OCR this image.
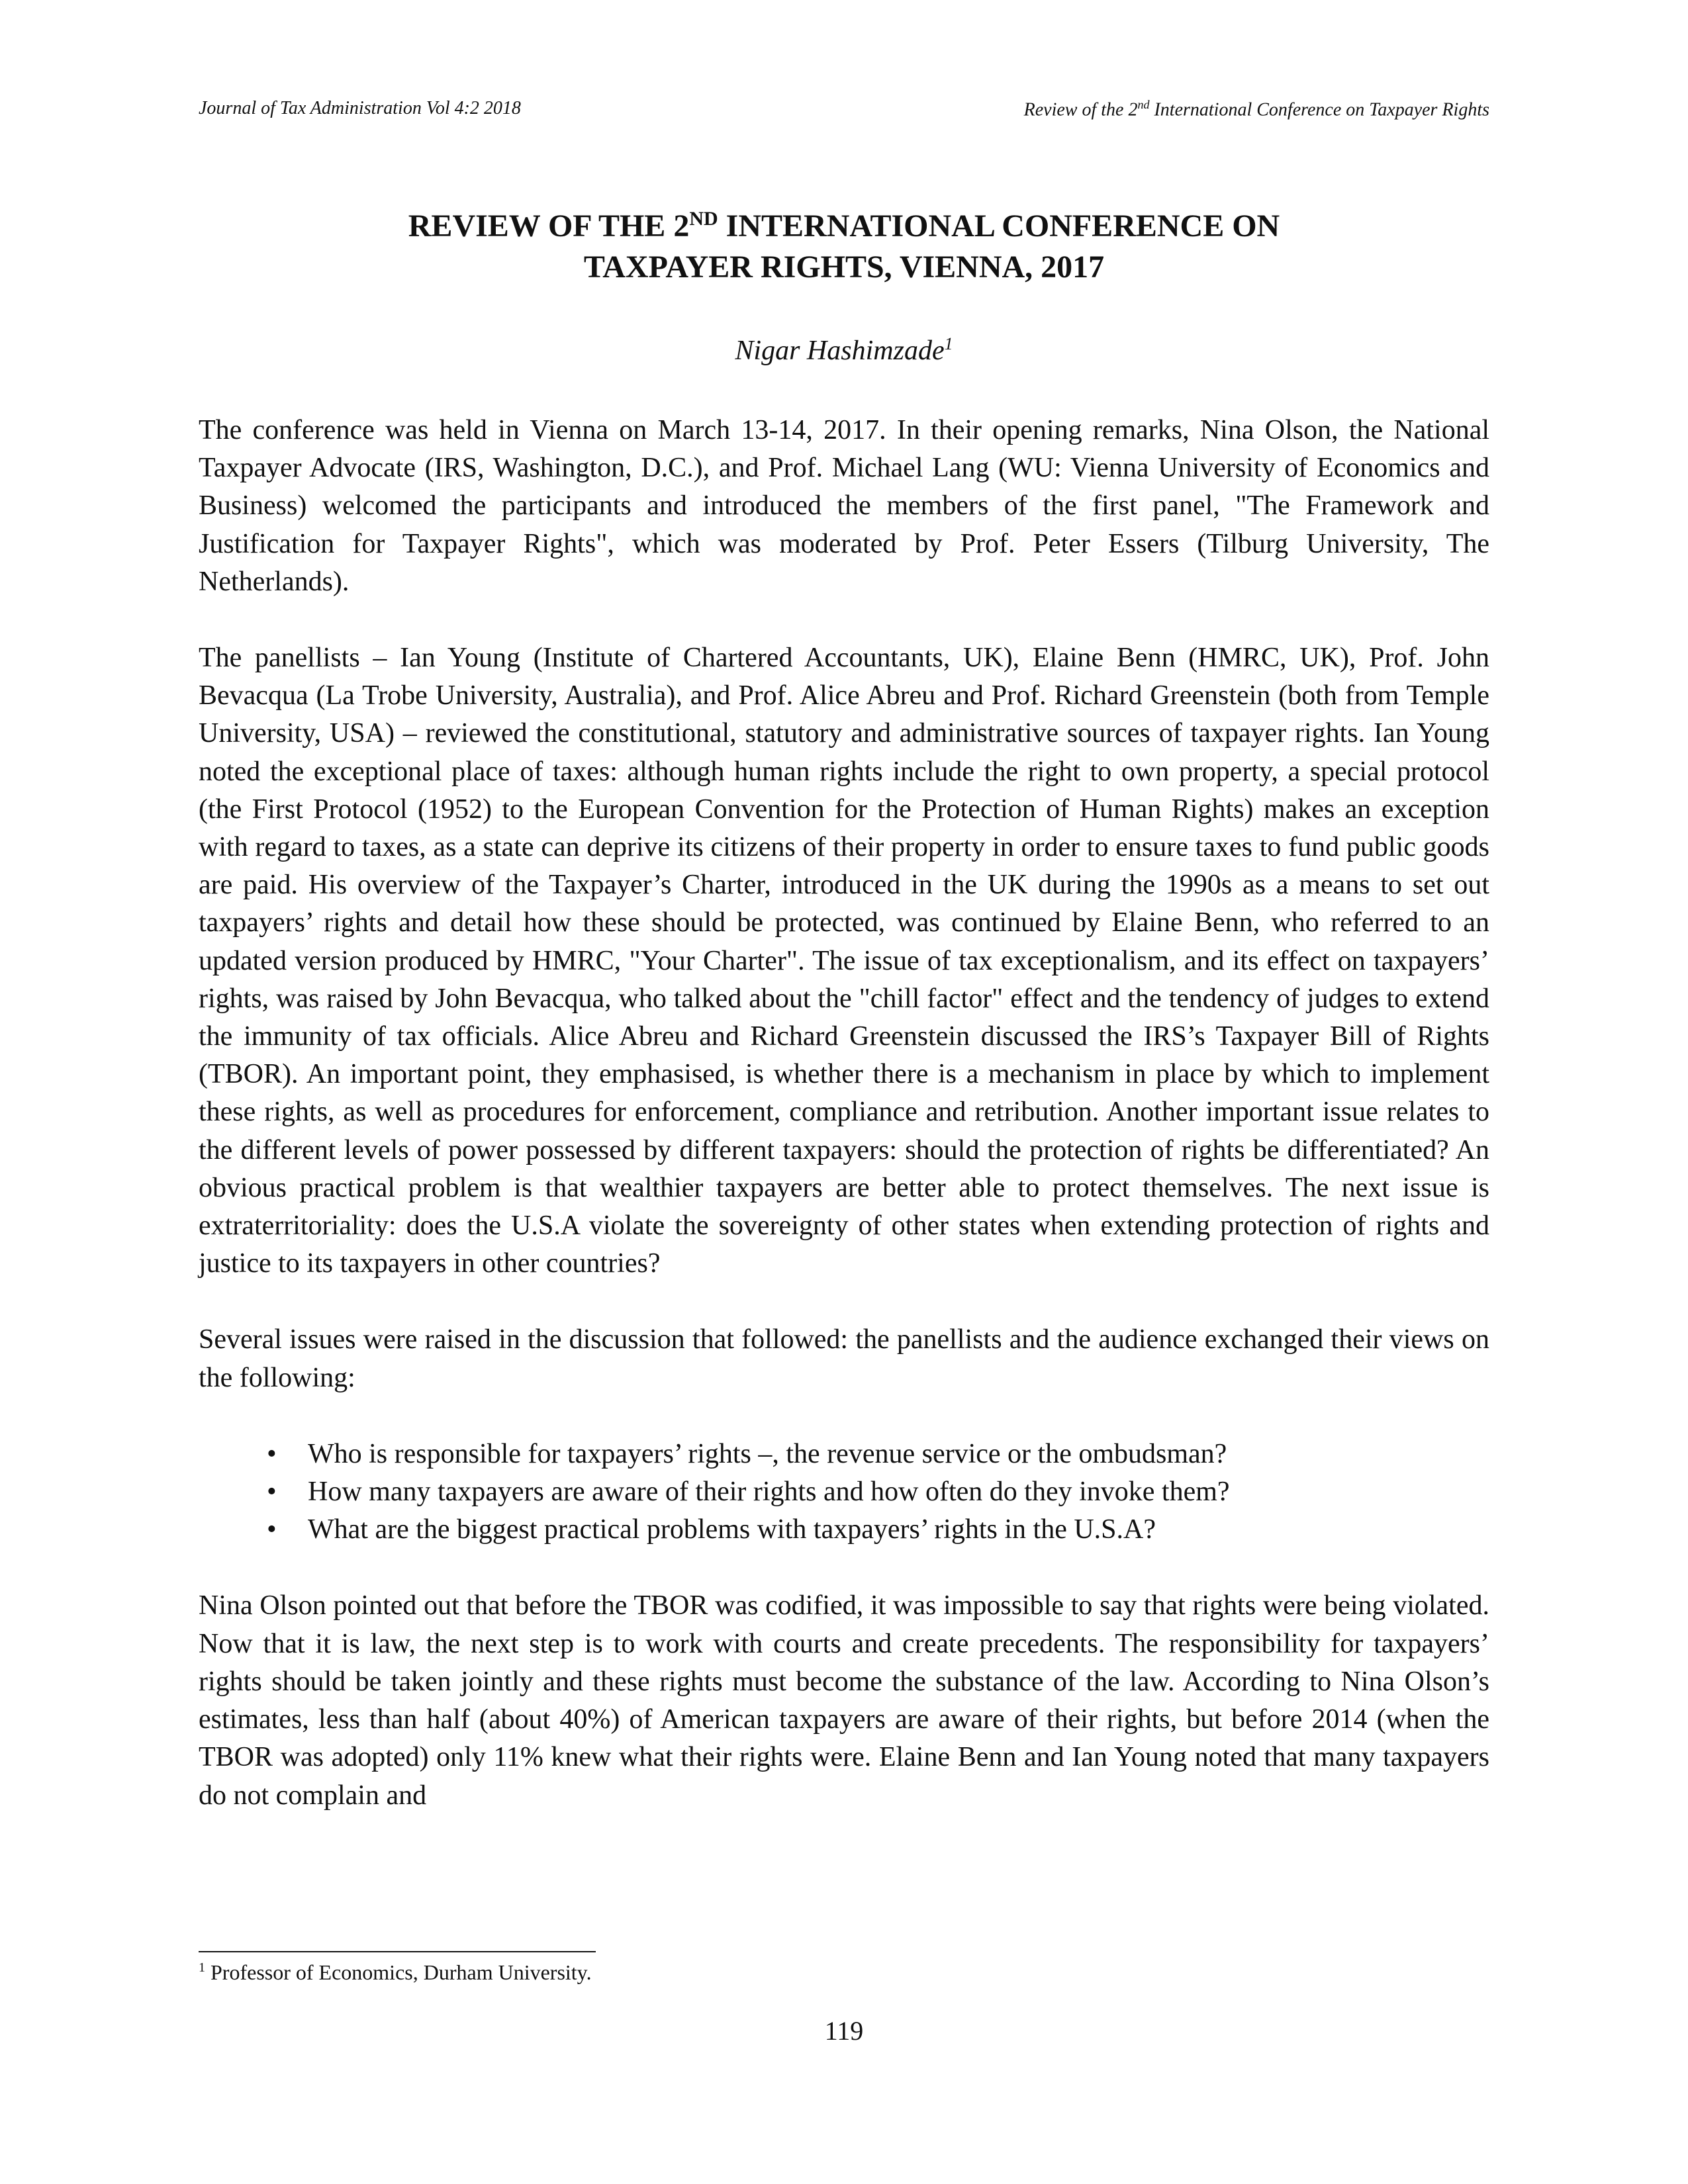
Journal of Tax Administration Vol 4:2 2018	Review of the 2nd International Conference on Taxpayer Rights
REVIEW OF THE 2ND INTERNATIONAL CONFERENCE ON
TAXPAYER RIGHTS, VIENNA, 2017
Nigar Hashimzade$^1$

The conference was held in Vienna on March 13-14, 2017. In their opening remarks, Nina Olson, the National Taxpayer Advocate (IRS, Washington, D.C.), and Prof. Michael Lang (WU: Vienna University of Economics and Business) welcomed the participants and introduced the members of the first panel, "The Framework and Justification for Taxpayer Rights", which was moderated by Prof. Peter Essers (Tilburg University, The Netherlands).

The panellists – Ian Young (Institute of Chartered Accountants, UK), Elaine Benn (HMRC, UK), Prof. John Bevacqua (La Trobe University, Australia), and Prof. Alice Abreu and Prof. Richard Greenstein (both from Temple University, USA) – reviewed the constitutional, statutory and administrative sources of taxpayer rights. Ian Young noted the exceptional place of taxes: although human rights include the right to own property, a special protocol (the First Protocol (1952) to the European Convention for the Protection of Human Rights) makes an exception with regard to taxes, as a state can deprive its citizens of their property in order to ensure taxes to fund public goods are paid. His overview of the Taxpayer’s Charter, introduced in the UK during the 1990s as a means to set out taxpayers’ rights and detail how these should be protected, was continued by Elaine Benn, who referred to an updated version produced by HMRC, "Your Charter". The issue of tax exceptionalism, and its effect on taxpayers’ rights, was raised by John Bevacqua, who talked about the "chill factor" effect and the tendency of judges to extend the immunity of tax officials. Alice Abreu and Richard Greenstein discussed the IRS’s Taxpayer Bill of Rights (TBOR). An important point, they emphasised, is whether there is a mechanism in place by which to implement these rights, as well as procedures for enforcement, compliance and retribution. Another important issue relates to the different levels of power possessed by different taxpayers: should the protection of rights be differentiated? An obvious practical problem is that wealthier taxpayers are better able to protect themselves. The next issue is extraterritoriality: does the U.S.A violate the sovereignty of other states when extending protection of rights and justice to its taxpayers in other countries?

Several issues were raised in the discussion that followed: the panellists and the audience exchanged their views on the following:

• Who is responsible for taxpayers’ rights –, the revenue service or the ombudsman?
• How many taxpayers are aware of their rights and how often do they invoke them?
• What are the biggest practical problems with taxpayers’ rights in the U.S.A?

Nina Olson pointed out that before the TBOR was codified, it was impossible to say that rights were being violated. Now that it is law, the next step is to work with courts and create precedents. The responsibility for taxpayers’ rights should be taken jointly and these rights must become the substance of the law. According to Nina Olson’s estimates, less than half (about 40%) of American taxpayers are aware of their rights, but before 2014 (when the TBOR was adopted) only 11% knew what their rights were. Elaine Benn and Ian Young noted that many taxpayers do not complain and

$^1$ Professor of Economics, Durham University.
119
